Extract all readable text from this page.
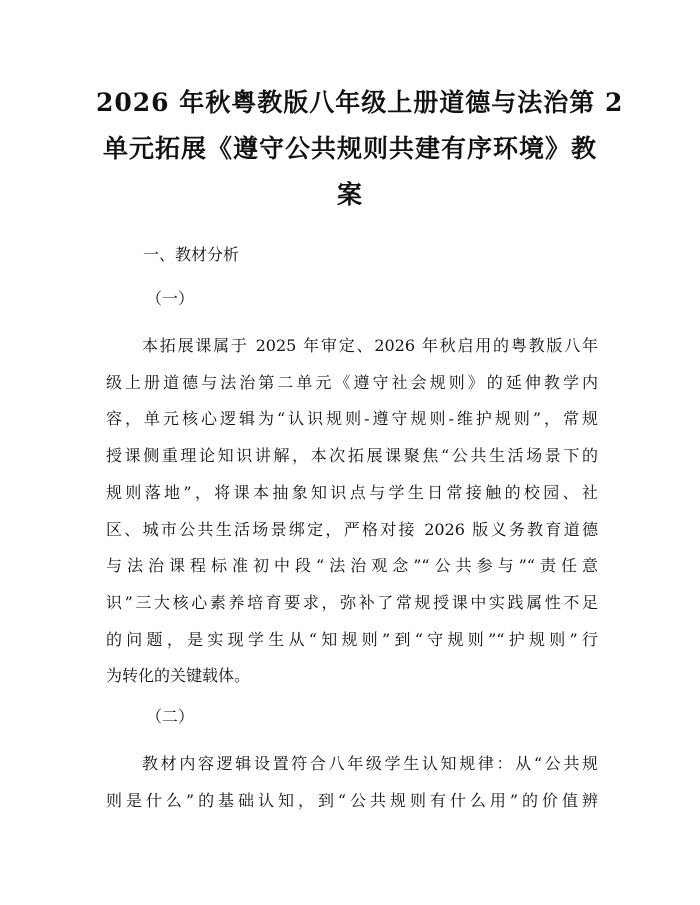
2026 年秋粤教版八年级上册道德与法治第 2
单元拓展《遵守公共规则共建有序环境》教
案

一、教材分析

（一）

本拓展课属于 2025 年审定、2026 年秋启用的粤教版八年
级上册道德与法治第二单元《遵守社会规则》的延伸教学内
容，单元核心逻辑为“认识规则-遵守规则-维护规则”，常规
授课侧重理论知识讲解，本次拓展课聚焦“公共生活场景下的
规则落地”，将课本抽象知识点与学生日常接触的校园、社
区、城市公共生活场景绑定，严格对接 2026 版义务教育道德
与法治课程标准初中段“法治观念”“公共参与”“责任意
识”三大核心素养培育要求，弥补了常规授课中实践属性不足
的问题，是实现学生从“知规则”到“守规则”“护规则”行
为转化的关键载体。

（二）

教材内容逻辑设置符合八年级学生认知规律：从“公共规
则是什么”的基础认知，到“公共规则有什么用”的价值辨
